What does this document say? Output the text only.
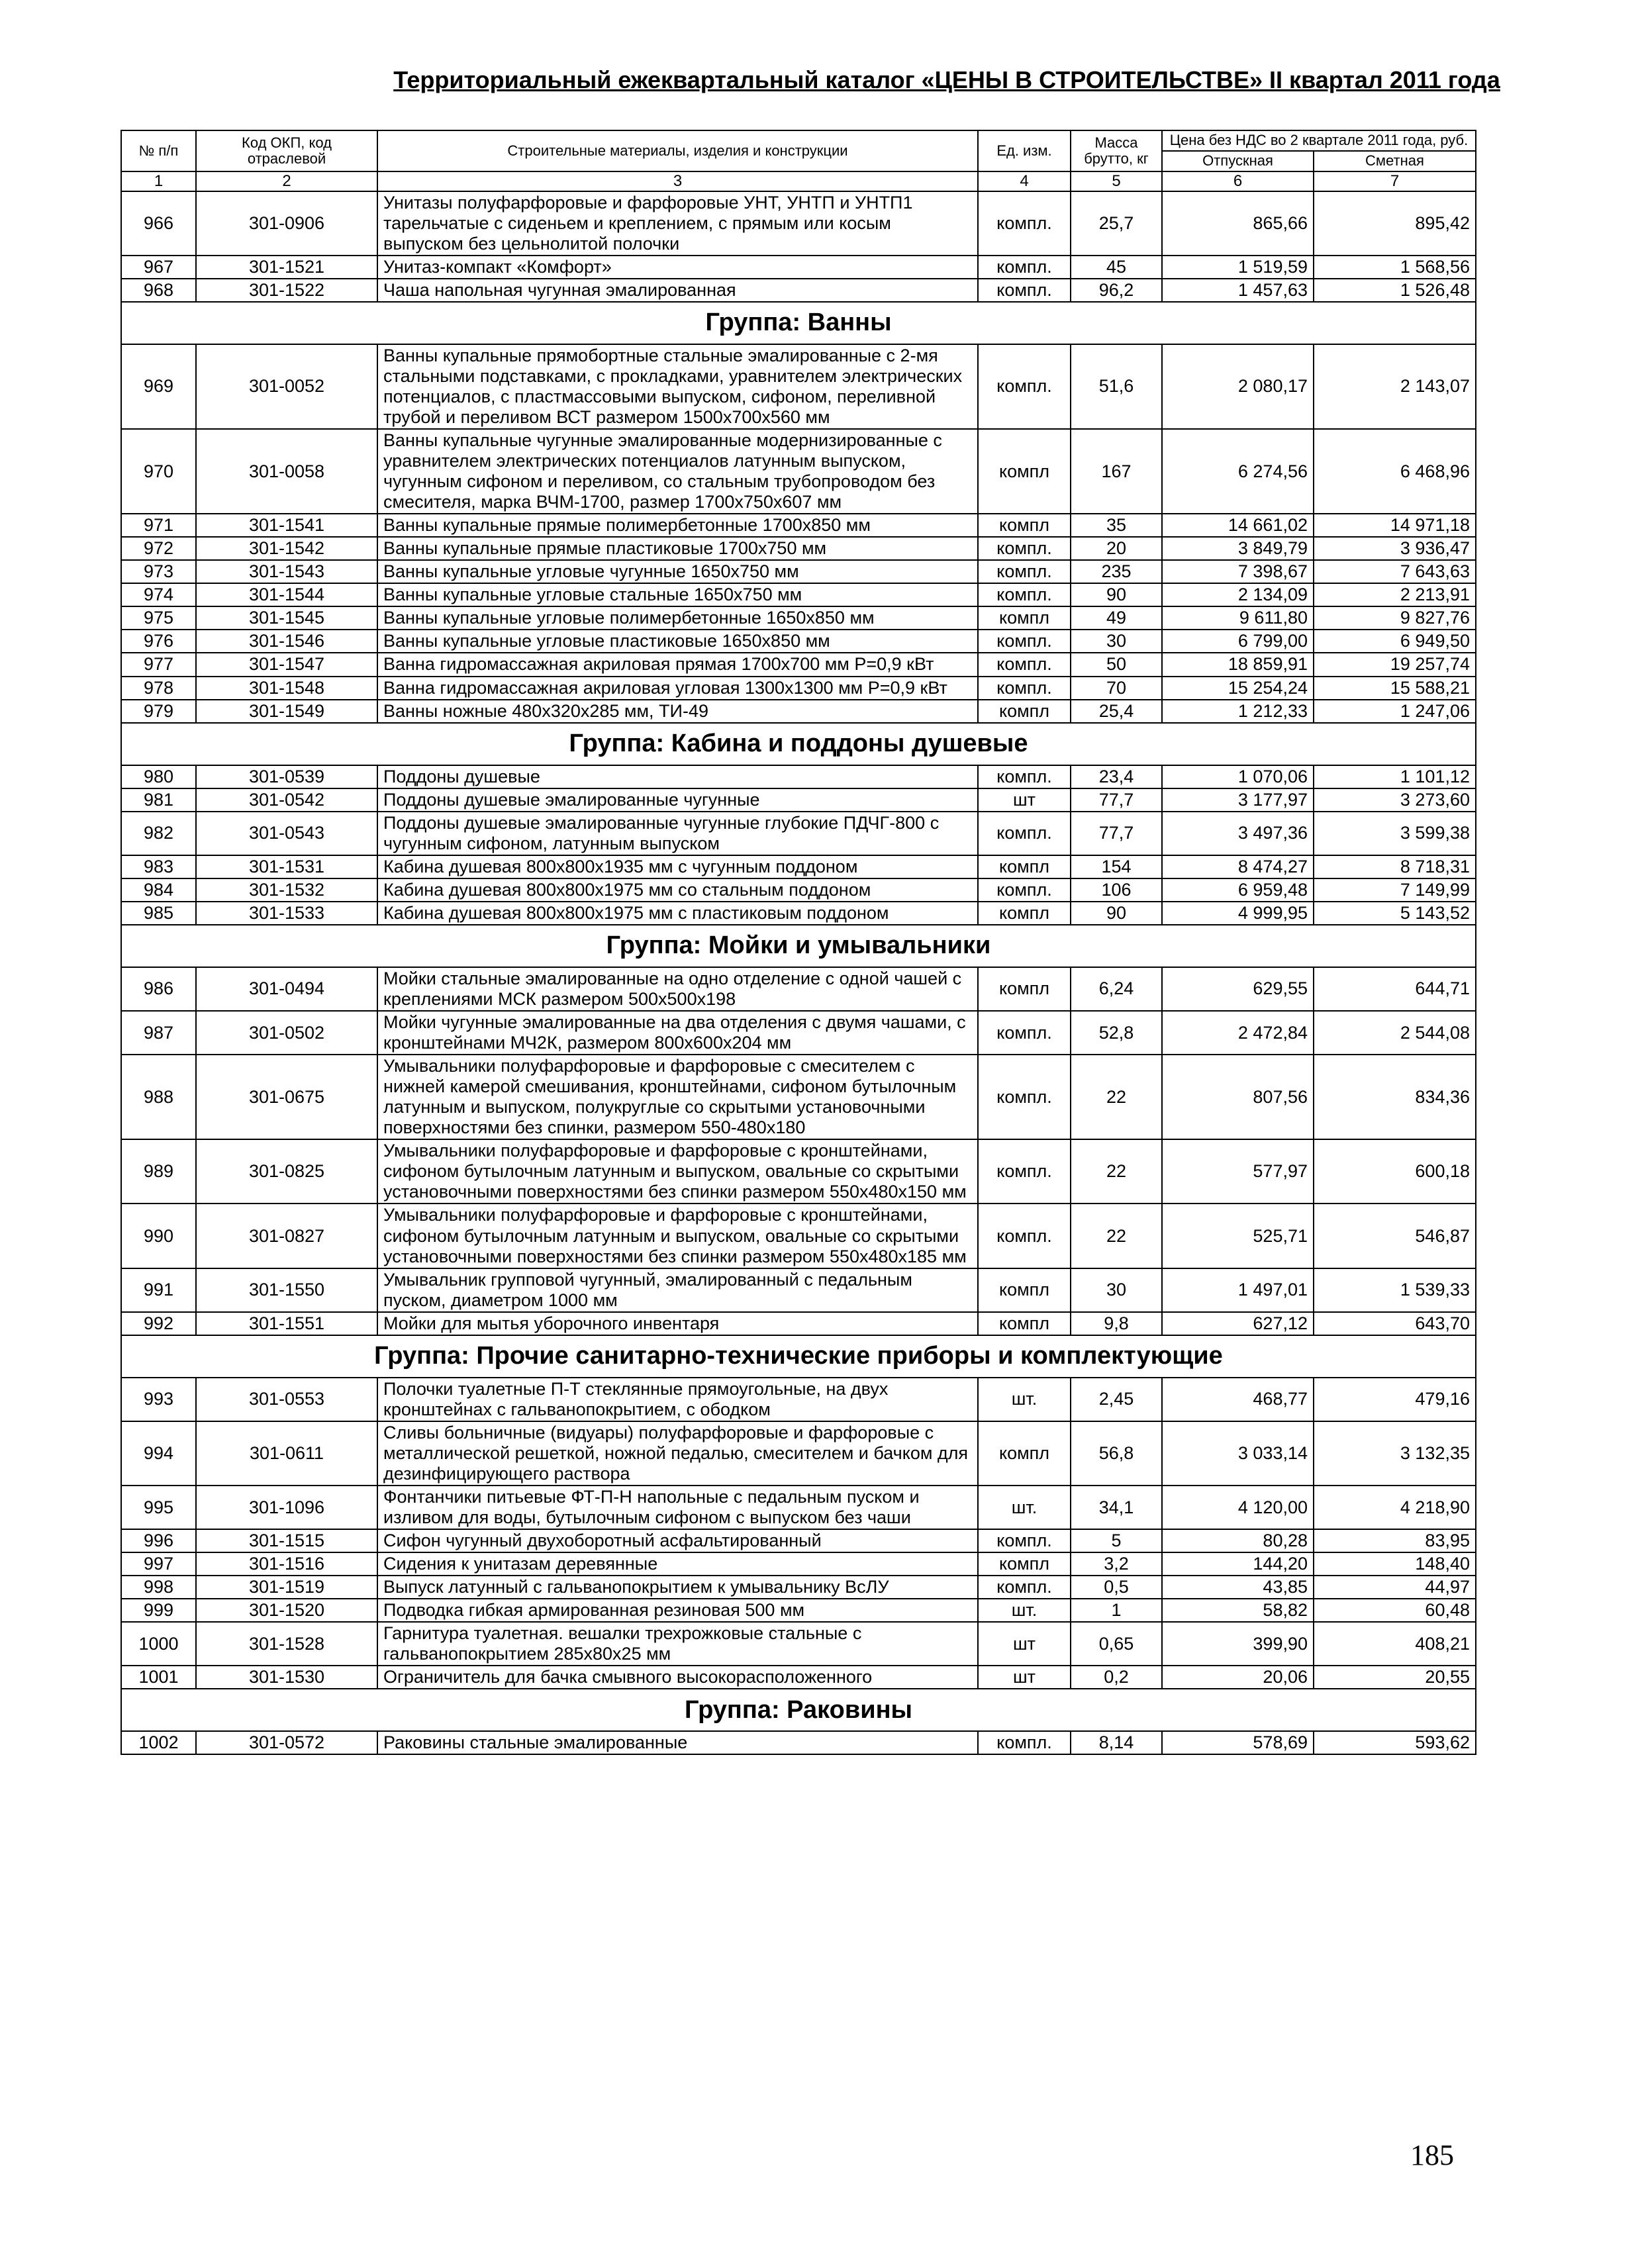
Территориальный ежеквартальный каталог «ЦЕНЫ В СТРОИТЕЛЬСТВЕ» II квартал 2011 года
№ п/п	Код ОКП, код отраслевой	Строительные материалы, изделия и конструкции	Ед. изм.	Масса брутто, кг	Цена без НДС во 2 квартале 2011 года, руб.	
					Отпускная	Сметная
1	2	3	4	5	6	7
966	301-0906	Унитазы полуфарфоровые и фарфоровые УНТ, УНТП и УНТП1 тарельчатые с сиденьем и креплением, с прямым или косым выпуском без цельнолитой полочки	компл.	25,7	865,66	895,42
967	301-1521	Унитаз-компакт «Комфорт»	компл.	45	1 519,59	1 568,56
968	301-1522	Чаша напольная чугунная эмалированная	компл.	96,2	1 457,63	1 526,48
Группа: Ванны						
969	301-0052	Ванны купальные прямобортные стальные эмалированные с 2-мя стальными подставками, с прокладками, уравнителем электрических потенциалов, с пластмассовыми выпуском, сифоном, переливной трубой и переливом ВСТ размером 1500х700х560 мм	компл.	51,6	2 080,17	2 143,07
970	301-0058	Ванны купальные чугунные эмалированные модернизированные с уравнителем электрических потенциалов латунным выпуском, чугунным сифоном и переливом, со стальным трубопроводом без смесителя, марка ВЧМ-1700, размер 1700х750х607 мм	компл	167	6 274,56	6 468,96
971	301-1541	Ванны купальные прямые полимербетонные 1700х850 мм	компл	35	14 661,02	14 971,18
972	301-1542	Ванны купальные прямые пластиковые 1700х750 мм	компл.	20	3 849,79	3 936,47
973	301-1543	Ванны купальные угловые чугунные 1650х750 мм	компл.	235	7 398,67	7 643,63
974	301-1544	Ванны купальные угловые стальные 1650х750 мм	компл.	90	2 134,09	2 213,91
975	301-1545	Ванны купальные угловые полимербетонные 1650х850 мм	компл	49	9 611,80	9 827,76
976	301-1546	Ванны купальные угловые пластиковые 1650х850 мм	компл.	30	6 799,00	6 949,50
977	301-1547	Ванна гидромассажная акриловая прямая 1700х700 мм Р=0,9 кВт	компл.	50	18 859,91	19 257,74
978	301-1548	Ванна гидромассажная акриловая угловая 1300х1300 мм Р=0,9 кВт	компл.	70	15 254,24	15 588,21
979	301-1549	Ванны ножные 480х320х285 мм, ТИ-49	компл	25,4	1 212,33	1 247,06
Группа: Кабина и поддоны душевые						
980	301-0539	Поддоны душевые	компл.	23,4	1 070,06	1 101,12
981	301-0542	Поддоны душевые эмалированные чугунные	шт	77,7	3 177,97	3 273,60
982	301-0543	Поддоны душевые эмалированные чугунные глубокие ПДЧГ-800 с чугунным сифоном, латунным выпуском	компл.	77,7	3 497,36	3 599,38
983	301-1531	Кабина душевая 800х800х1935 мм с чугунным поддоном	компл	154	8 474,27	8 718,31
984	301-1532	Кабина душевая 800х800х1975 мм со стальным поддоном	компл.	106	6 959,48	7 149,99
985	301-1533	Кабина душевая 800х800х1975 мм с пластиковым поддоном	компл	90	4 999,95	5 143,52
Группа: Мойки и умывальники						
986	301-0494	Мойки стальные эмалированные на одно отделение с одной чашей с креплениями МСК размером 500х500х198	компл	6,24	629,55	644,71
987	301-0502	Мойки чугунные эмалированные на два отделения с двумя чашами, с кронштейнами МЧ2К, размером 800х600х204 мм	компл.	52,8	2 472,84	2 544,08
988	301-0675	Умывальники полуфарфоровые и фарфоровые с смесителем с нижней камерой смешивания, кронштейнами, сифоном бутылочным латунным и выпуском, полукруглые со скрытыми установочными поверхностями без спинки, размером 550-480х180	компл.	22	807,56	834,36
989	301-0825	Умывальники полуфарфоровые и фарфоровые с кронштейнами, сифоном бутылочным латунным и выпуском, овальные со скрытыми установочными поверхностями без спинки размером 550х480х150 мм	компл.	22	577,97	600,18
990	301-0827	Умывальники полуфарфоровые и фарфоровые с кронштейнами, сифоном бутылочным латунным и выпуском, овальные со скрытыми установочными поверхностями без спинки размером 550х480х185 мм	компл.	22	525,71	546,87
991	301-1550	Умывальник групповой чугунный, эмалированный с педальным пуском, диаметром 1000 мм	компл	30	1 497,01	1 539,33
992	301-1551	Мойки для мытья уборочного инвентаря	компл	9,8	627,12	643,70
Группа: Прочие санитарно-технические приборы и комплектующие						
993	301-0553	Полочки туалетные П-Т стеклянные прямоугольные, на двух кронштейнах с гальванопокрытием, с ободком	шт.	2,45	468,77	479,16
994	301-0611	Сливы больничные (видуары) полуфарфоровые и фарфоровые с металлической решеткой, ножной педалью, смесителем и бачком для дезинфицирующего раствора	компл	56,8	3 033,14	3 132,35
995	301-1096	Фонтанчики питьевые ФТ-П-Н напольные с педальным пуском и изливом для воды, бутылочным сифоном с выпуском без чаши	шт.	34,1	4 120,00	4 218,90
996	301-1515	Сифон чугунный двухоборотный асфальтированный	компл.	5	80,28	83,95
997	301-1516	Сидения к унитазам деревянные	компл	3,2	144,20	148,40
998	301-1519	Выпуск латунный с гальванопокрытием к умывальнику ВсЛУ	компл.	0,5	43,85	44,97
999	301-1520	Подводка гибкая армированная резиновая 500 мм	шт.	1	58,82	60,48
1000	301-1528	Гарнитура туалетная. вешалки трехрожковые стальные с гальванопокрытием 285х80х25 мм	шт	0,65	399,90	408,21
1001	301-1530	Ограничитель для бачка смывного высокорасположенного	шт	0,2	20,06	20,55
Группа: Раковины						
1002	301-0572	Раковины стальные эмалированные	компл.	8,14	578,69	593,62
185
